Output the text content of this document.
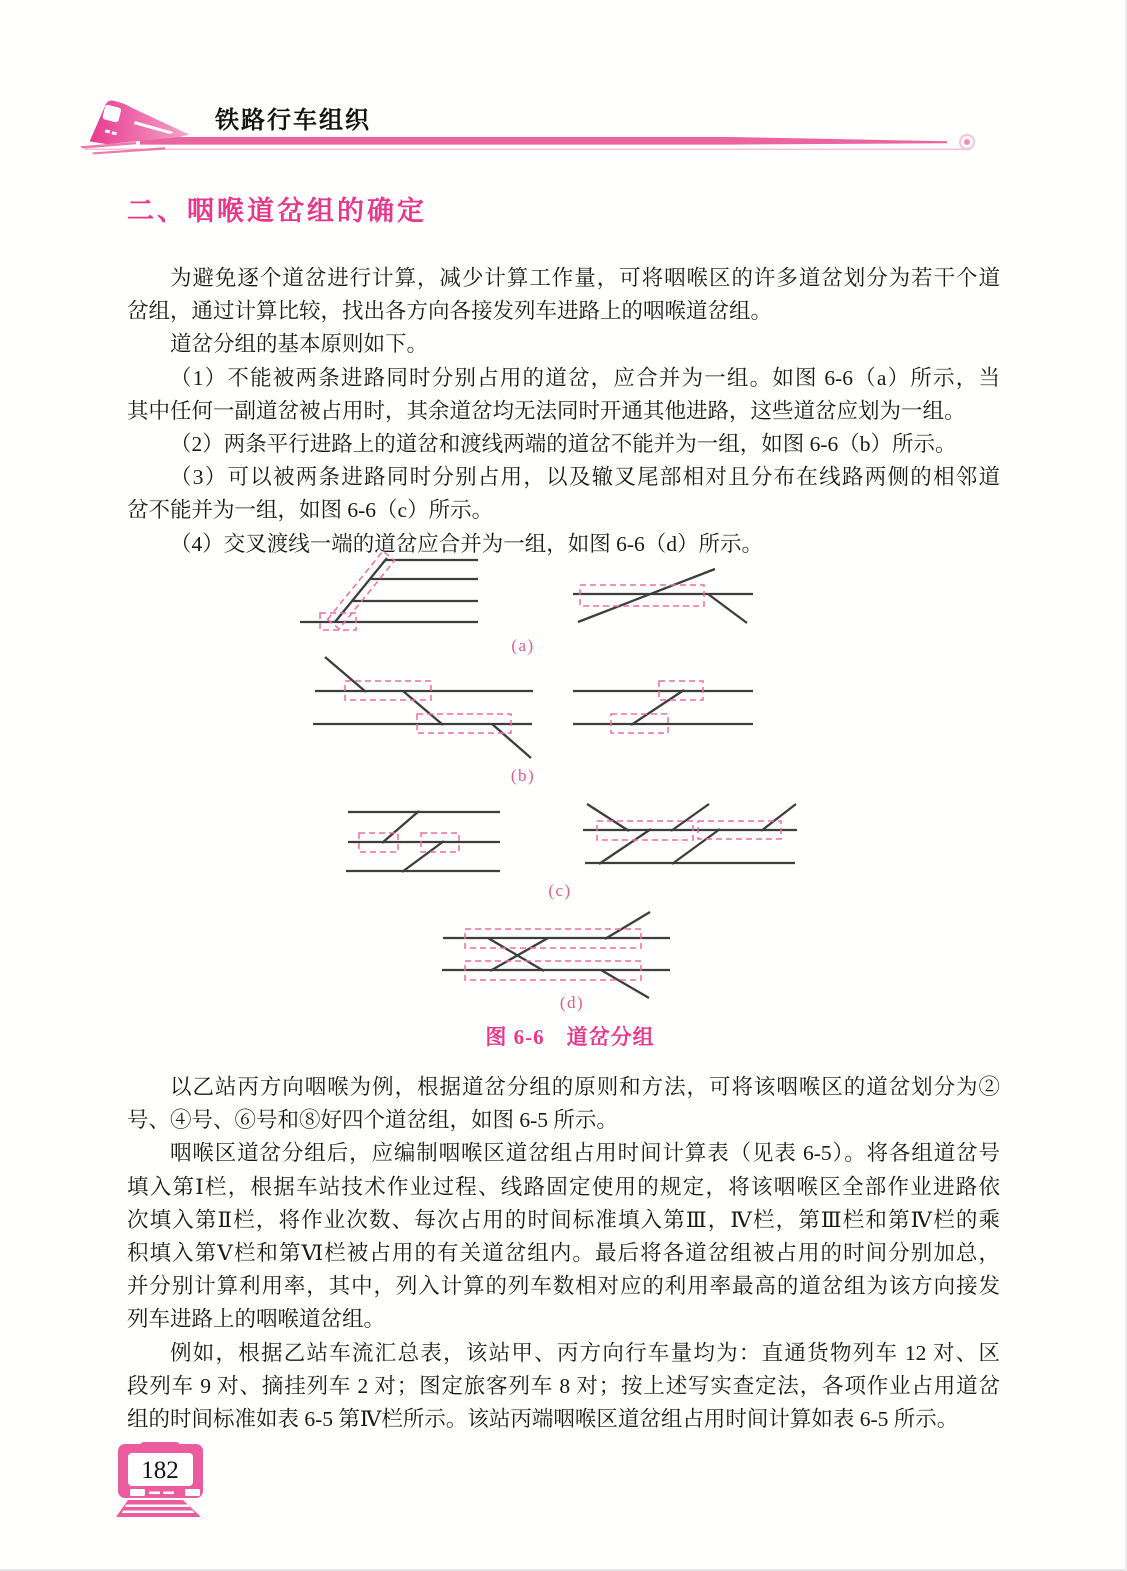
铁路行车组织
二、咽喉道岔组的确定
为避免逐个道岔进行计算，减少计算工作量，可将咽喉区的许多道岔划分为若干个道
岔组，通过计算比较，找出各方向各接发列车进路上的咽喉道岔组。
道岔分组的基本原则如下。
（1）不能被两条进路同时分别占用的道岔，应合并为一组。如图 6-6（a）所示，当
其中任何一副道岔被占用时，其余道岔均无法同时开通其他进路，这些道岔应划为一组。
（2）两条平行进路上的道岔和渡线两端的道岔不能并为一组，如图 6-6（b）所示。
（3）可以被两条进路同时分别占用，以及辙叉尾部相对且分布在线路两侧的相邻道
岔不能并为一组，如图 6-6（c）所示。
（4）交叉渡线一端的道岔应合并为一组，如图 6-6（d）所示。
(a)
(b)
(c)
(d)
图 6-6　道岔分组
以乙站丙方向咽喉为例，根据道岔分组的原则和方法，可将该咽喉区的道岔划分为②
号、④号、⑥号和⑧好四个道岔组，如图 6-5 所示。
咽喉区道岔分组后，应编制咽喉区道岔组占用时间计算表（见表 6-5）。将各组道岔号
填入第Ⅰ栏，根据车站技术作业过程、线路固定使用的规定，将该咽喉区全部作业进路依
次填入第Ⅱ栏，将作业次数、每次占用的时间标准填入第Ⅲ，Ⅳ栏，第Ⅲ栏和第Ⅳ栏的乘
积填入第Ⅴ栏和第Ⅵ栏被占用的有关道岔组内。最后将各道岔组被占用的时间分别加总，
并分别计算利用率，其中，列入计算的列车数相对应的利用率最高的道岔组为该方向接发
列车进路上的咽喉道岔组。
例如，根据乙站车流汇总表，该站甲、丙方向行车量均为：直通货物列车 12 对、区
段列车 9 对、摘挂列车 2 对；图定旅客列车 8 对；按上述写实查定法，各项作业占用道岔
组的时间标准如表 6-5 第Ⅳ栏所示。该站丙端咽喉区道岔组占用时间计算如表 6-5 所示。
182
